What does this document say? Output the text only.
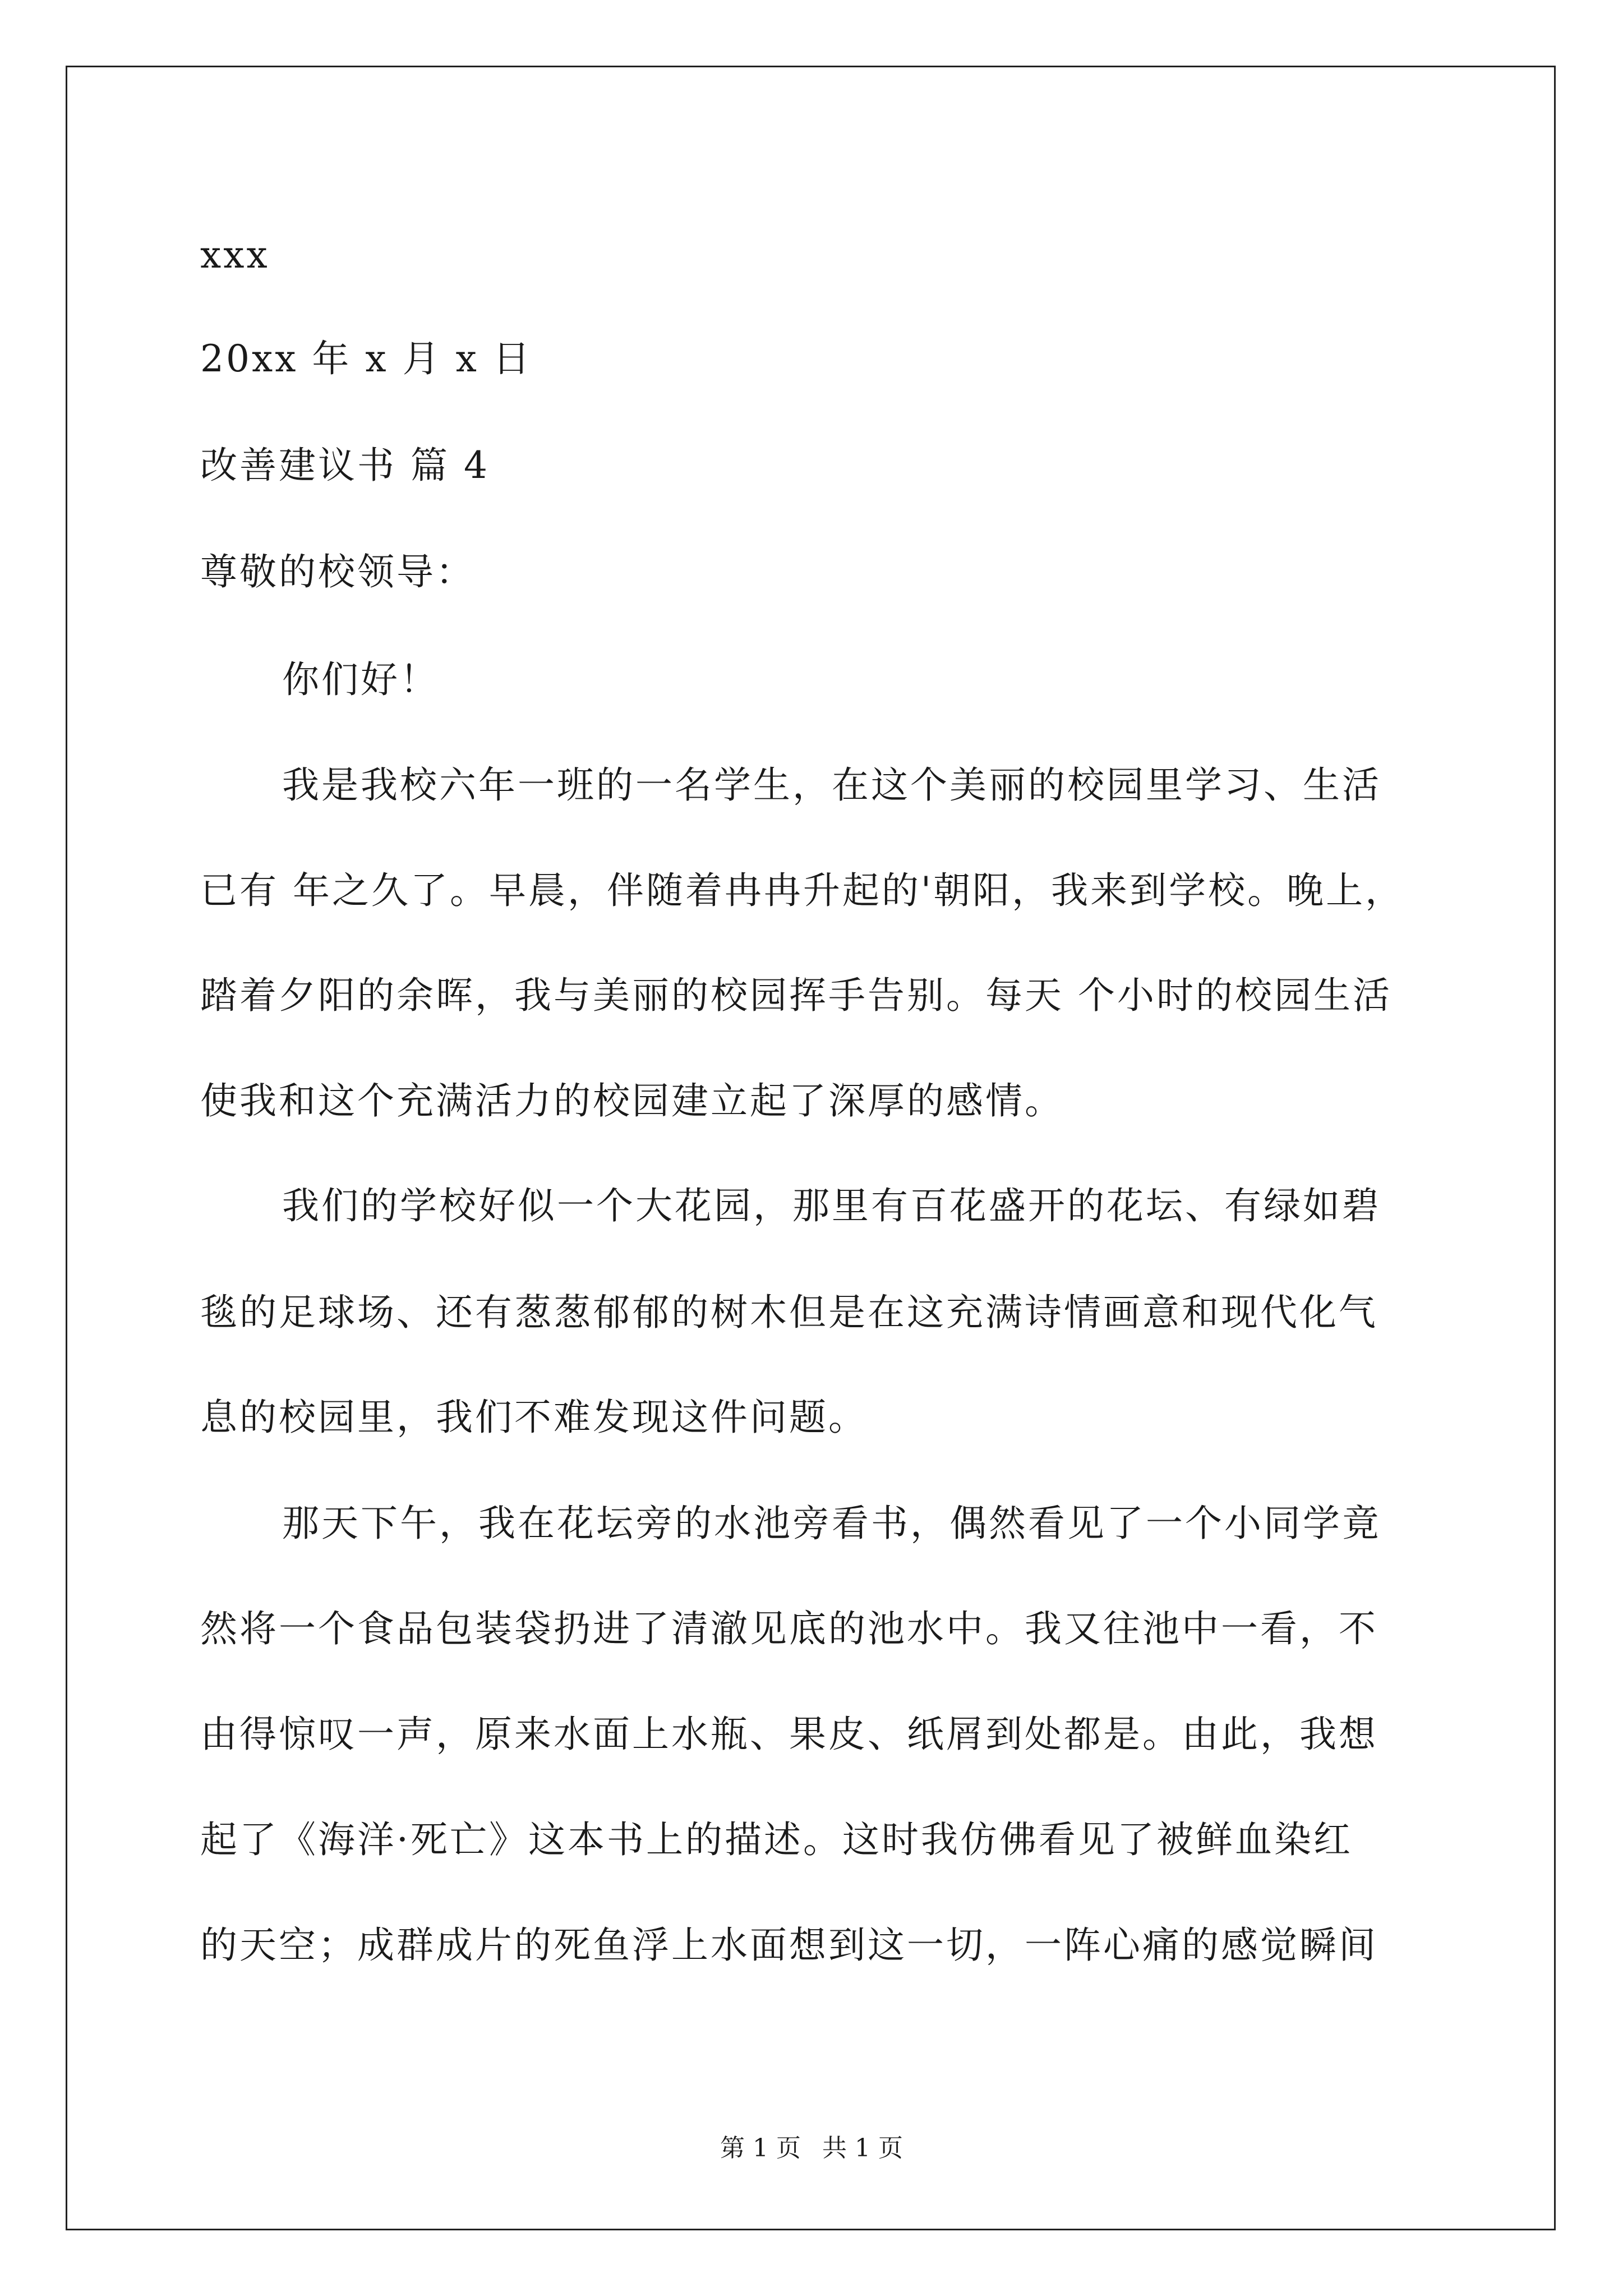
xxx
20xx 年 x 月 x 日
改善建议书 篇 4
尊敬的校领导：
你们好！
我是我校六年一班的一名学生，在这个美丽的校园里学习、生活
已有 年之久了。早晨，伴随着冉冉升起的'朝阳，我来到学校。晚上，
踏着夕阳的余晖，我与美丽的校园挥手告别。每天 个小时的校园生活
使我和这个充满活力的校园建立起了深厚的感情。
我们的学校好似一个大花园，那里有百花盛开的花坛、有绿如碧
毯的足球场、还有葱葱郁郁的树木但是在这充满诗情画意和现代化气
息的校园里，我们不难发现这件问题。
那天下午，我在花坛旁的水池旁看书，偶然看见了一个小同学竟
然将一个食品包装袋扔进了清澈见底的池水中。我又往池中一看，不
由得惊叹一声，原来水面上水瓶、果皮、纸屑到处都是。由此，我想
起了《海洋·死亡》这本书上的描述。这时我仿佛看见了被鲜血染红
的天空；成群成片的死鱼浮上水面想到这一切，一阵心痛的感觉瞬间
第 1 页 共 1 页
